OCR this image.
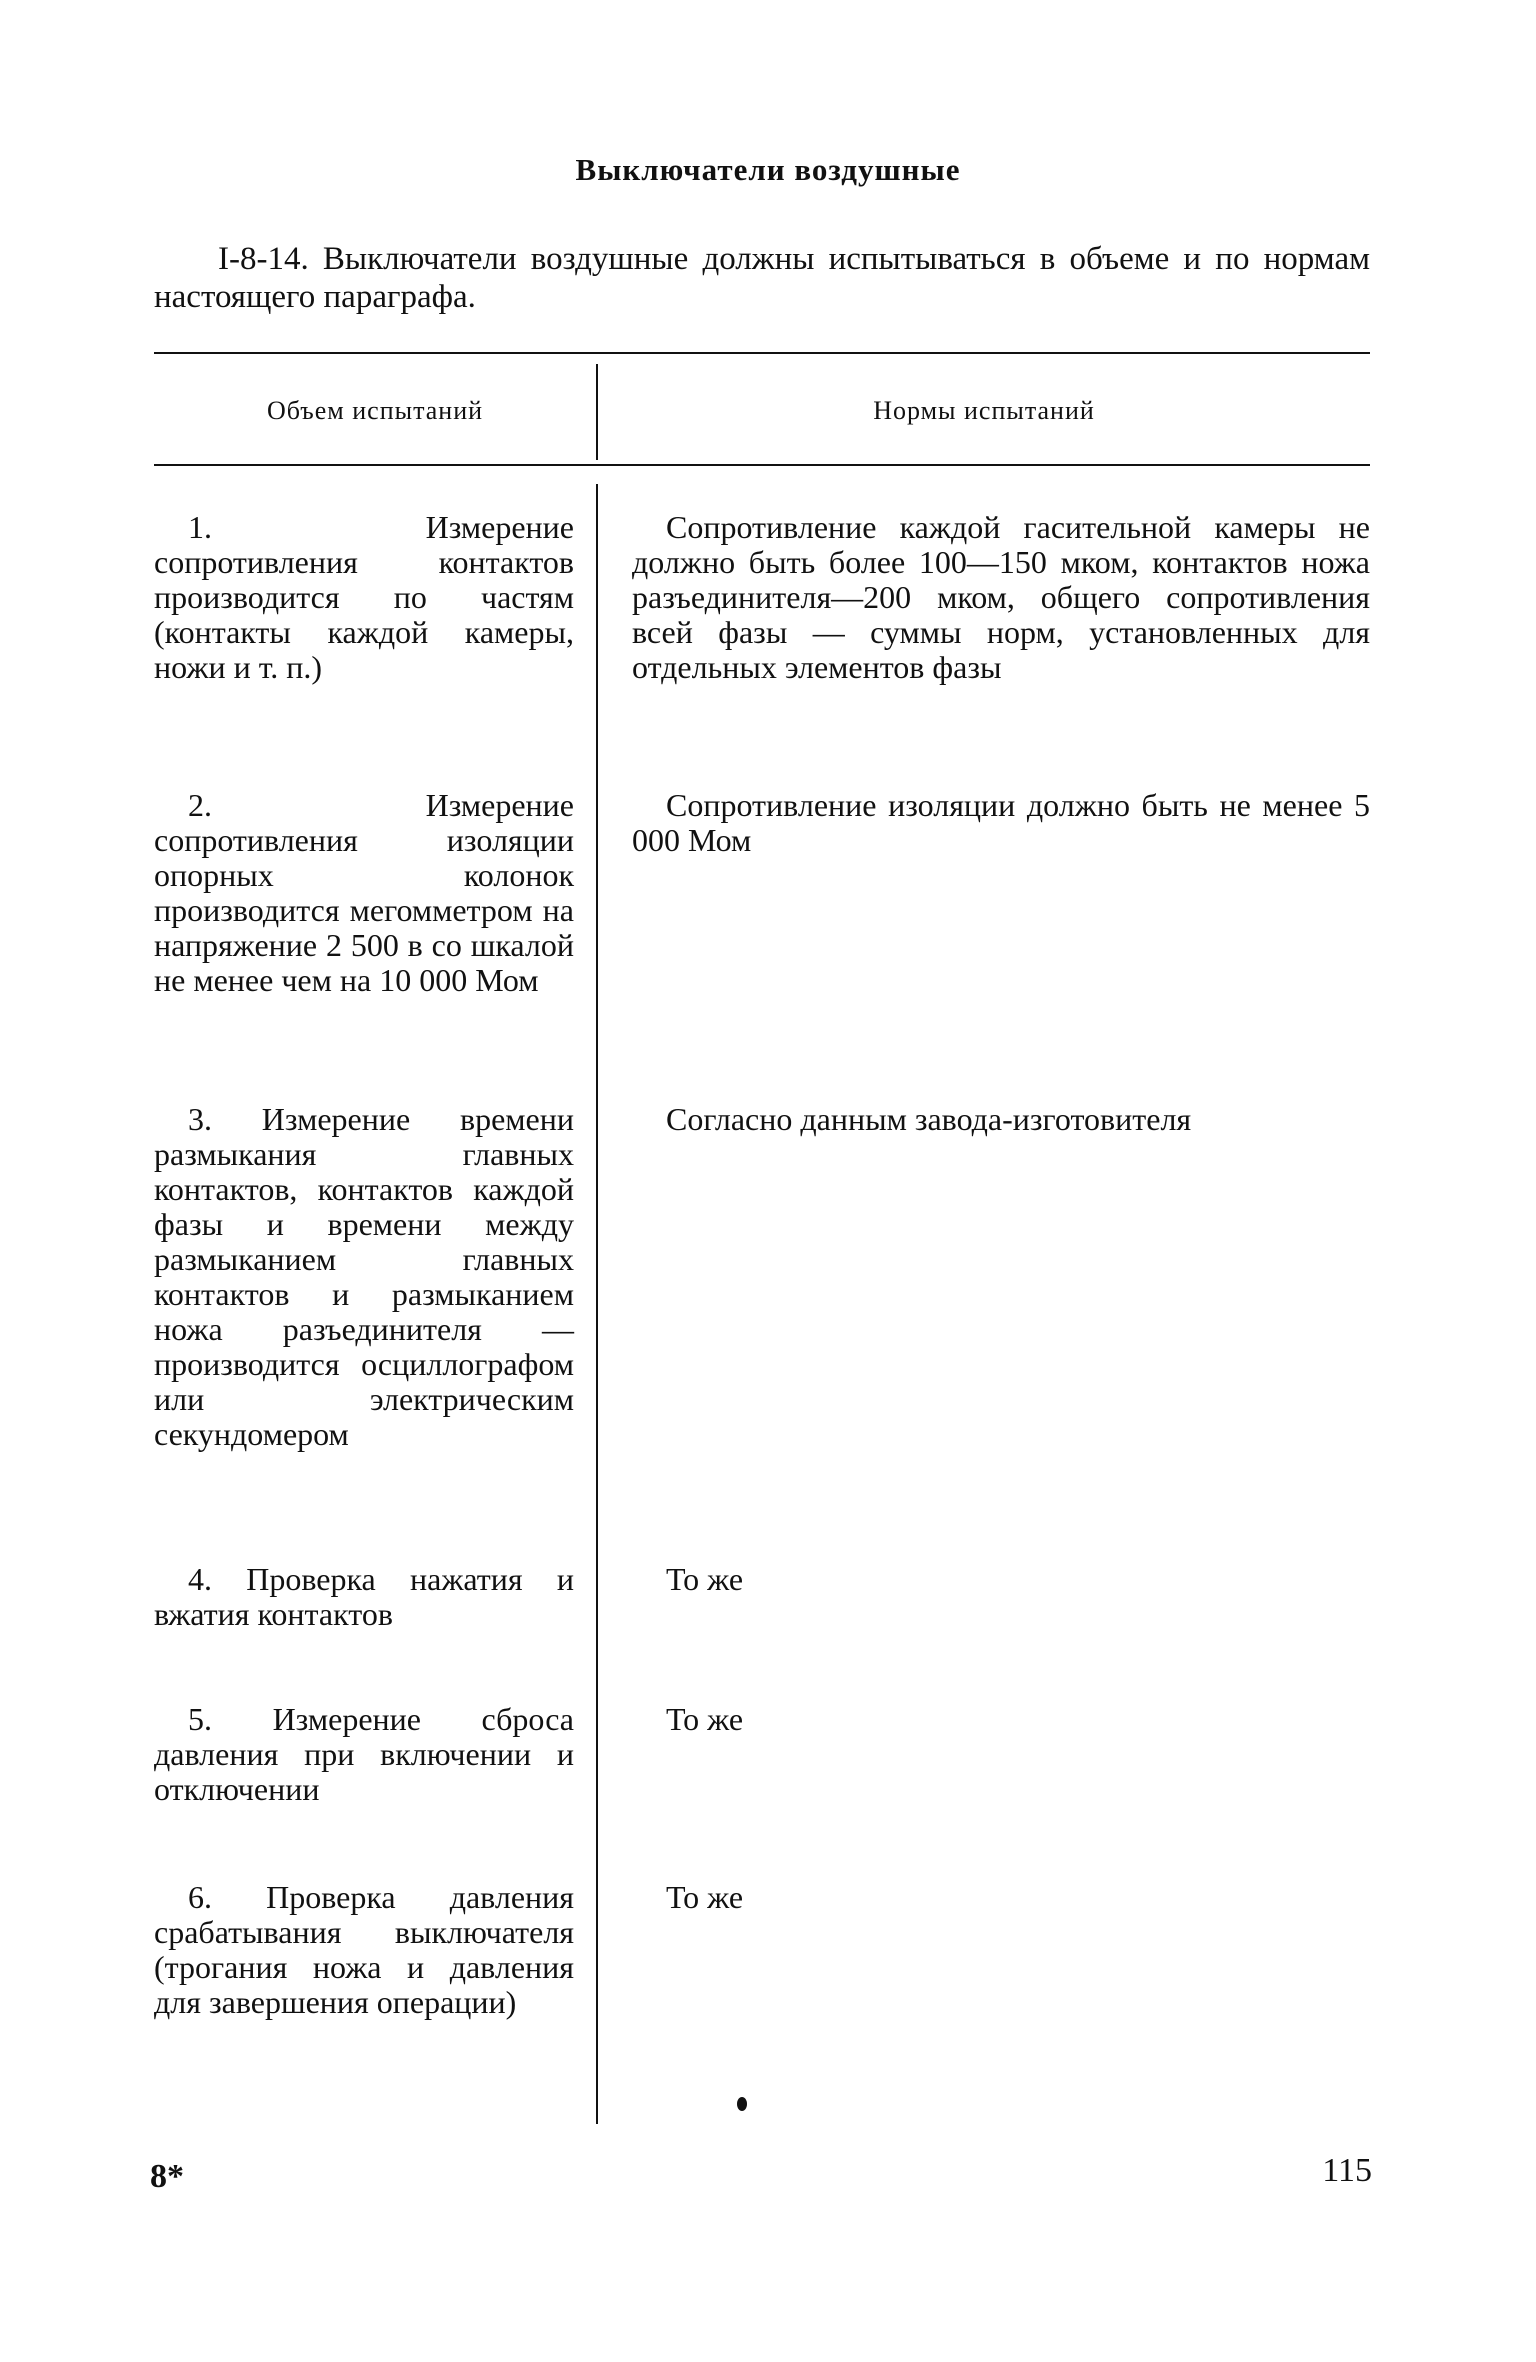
Выключатели воздушные
I-8-14. Выключатели воздушные должны испытываться в объеме и по нормам настоящего параграфа.
Объем испытаний	Нормы испытаний
1. Измерение сопротивления контактов производится по частям (контакты каждой камеры, ножи и т. п.)
Сопротивление каждой гасительной камеры не должно быть более 100—150 мком, контактов ножа разъединителя—200 мком, общего сопротивления всей фазы — суммы норм, установленных для отдельных элементов фазы
2. Измерение сопротивления изоляции опорных колонок производится мегомметром на напряжение 2 500 в со шкалой не менее чем на 10 000 Мом
Сопротивление изоляции должно быть не менее 5 000 Мом
3. Измерение времени размыкания главных контактов, контактов каждой фазы и времени между размыканием главных контактов и размыканием ножа разъединителя — производится осциллографом или электрическим секундомером
Согласно данным завода-изготовителя
4. Проверка нажатия и вжатия контактов
То же
5. Измерение сброса давления при включении и отключении
То же
6. Проверка давления срабатывания выключателя (трогания ножа и давления для завершения операции)
То же
8*	115
